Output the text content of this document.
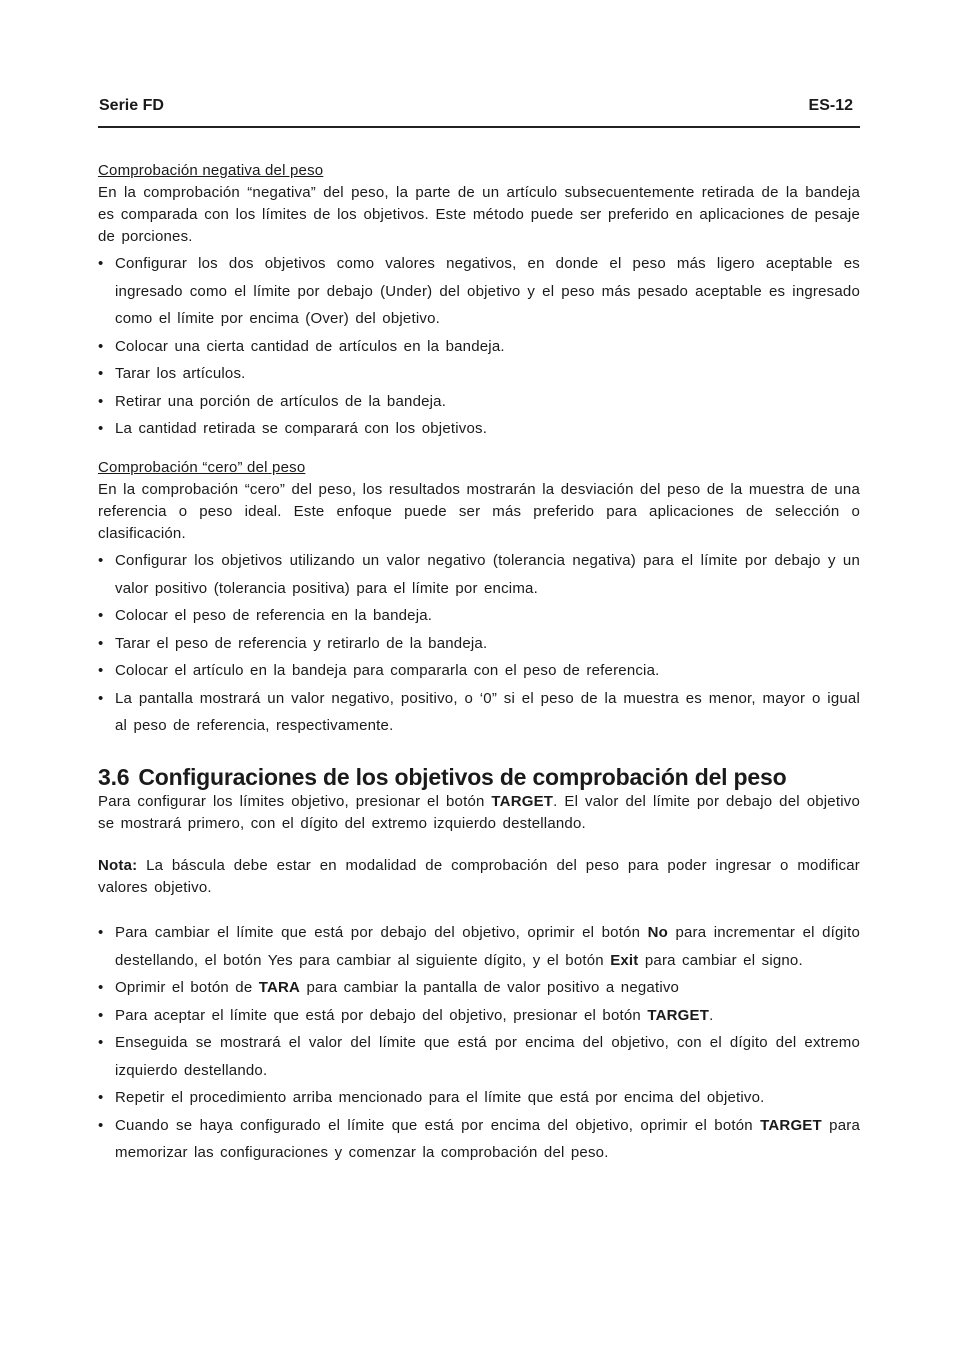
Serie FD	ES-12
Comprobación negativa del peso

En la comprobación “negativa” del peso, la parte de un artículo subsecuentemente retirada de la bandeja es comparada con los límites de los objetivos. Este método puede ser preferido en aplicaciones de pesaje de porciones.

• Configurar los dos objetivos como valores negativos, en donde el peso más ligero aceptable es ingresado como el límite por debajo (Under) del objetivo y el peso más pesado aceptable es ingresado como el límite por encima (Over) del objetivo.
• Colocar una cierta cantidad de artículos en la bandeja.
• Tarar los artículos.
• Retirar una porción de artículos de la bandeja.
• La cantidad retirada se comparará con los objetivos.
Comprobación “cero” del peso

En la comprobación “cero” del peso, los resultados mostrarán la desviación del peso de la muestra de una referencia o peso ideal. Este enfoque puede ser más preferido para aplicaciones de selección o clasificación.

• Configurar los objetivos utilizando un valor negativo (tolerancia negativa) para el límite por debajo y un valor positivo (tolerancia positiva) para el límite por encima.
• Colocar el peso de referencia en la bandeja.
• Tarar el peso de referencia y retirarlo de la bandeja.
• Colocar el artículo en la bandeja para compararla con el peso de referencia.
• La pantalla mostrará un valor negativo, positivo, o ‘0” si el peso de la muestra es menor, mayor o igual al peso de referencia, respectivamente.
3.6 Configuraciones de los objetivos de comprobación del peso

Para configurar los límites objetivo, presionar el botón TARGET. El valor del límite por debajo del objetivo se mostrará primero, con el dígito del extremo izquierdo destellando.

Nota: La báscula debe estar en modalidad de comprobación del peso para poder ingresar o modificar valores objetivo.

• Para cambiar el límite que está por debajo del objetivo, oprimir el botón No para incrementar el dígito destellando, el botón Yes para cambiar al siguiente dígito, y el botón Exit para cambiar el signo.
• Oprimir el botón de TARA para cambiar la pantalla de valor positivo a negativo
• Para aceptar el límite que está por debajo del objetivo, presionar el botón TARGET.
• Enseguida se mostrará el valor del límite que está por encima del objetivo, con el dígito del extremo izquierdo destellando.
• Repetir el procedimiento arriba mencionado para el límite que está por encima del objetivo.
• Cuando se haya configurado el límite que está por encima del objetivo, oprimir el botón TARGET para memorizar las configuraciones y comenzar la comprobación del peso.
